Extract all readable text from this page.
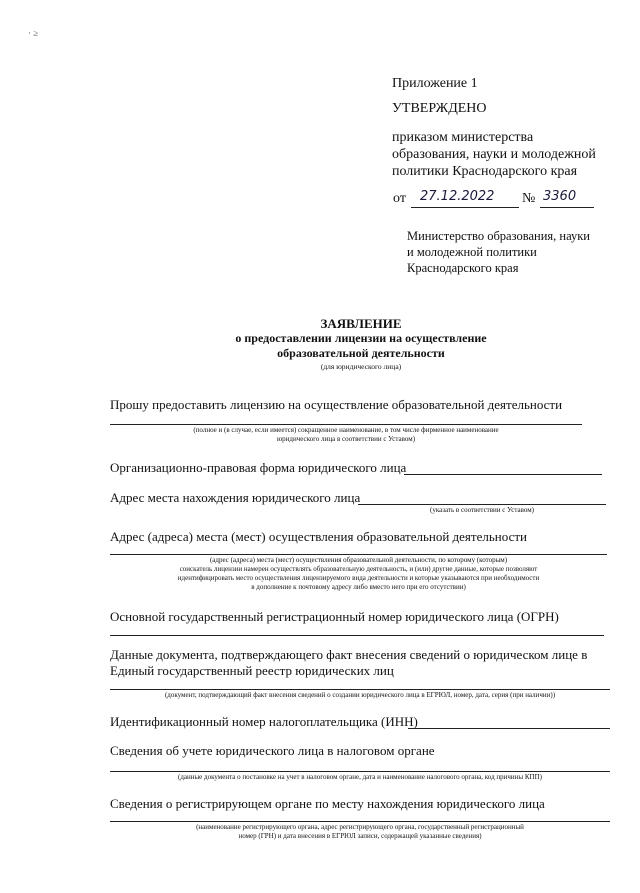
· ≥
Приложение 1
УТВЕРЖДЕНО
приказом министерства
образования, науки и молодежной
политики Краснодарского края
от 27.12.2022 № 3360
Министерство образования, науки
и молодежной политики
Краснодарского края
ЗАЯВЛЕНИЕ
о предоставлении лицензии на осуществление
образовательной деятельности
(для юридического лица)
Прошу предоставить лицензию на осуществление образовательной деятельности
(полное и (в случае, если имеется) сокращенное наименование, в том числе фирменное наименование
юридического лица в соответствии с Уставом)
Организационно-правовая форма юридического лица
Адрес места нахождения юридического лица
(указать в соответствии с Уставом)
Адрес (адреса) места (мест) осуществления образовательной деятельности
(адрес (адреса) места (мест) осуществления образовательной деятельности, по которому (которым)
соискатель лицензии намерен осуществлять образовательную деятельность, и (или) другие данные, которые позволяют
идентифицировать место осуществления лицензируемого вида деятельности и которые указываются при необходимости
в дополнение к почтовому адресу либо вместо него при его отсутствии)
Основной государственный регистрационный номер юридического лица (ОГРН)
Данные документа, подтверждающего факт внесения сведений о юридическом лице в
Единый государственный реестр юридических лиц
(документ, подтверждающий факт внесения сведений о создании юридического лица в ЕГРЮЛ, номер, дата, серия (при наличии))
Идентификационный номер налогоплательщика (ИНН)
Сведения об учете юридического лица в налоговом органе
(данные документа о постановке на учет в налоговом органе, дата и наименование налогового органа, код причины КПП)
Сведения о регистрирующем органе по месту нахождения юридического лица
(наименование регистрирующего органа, адрес регистрирующего органа, государственный регистрационный
номер (ГРН) и дата внесения в ЕГРЮЛ записи, содержащей указанные сведения)
